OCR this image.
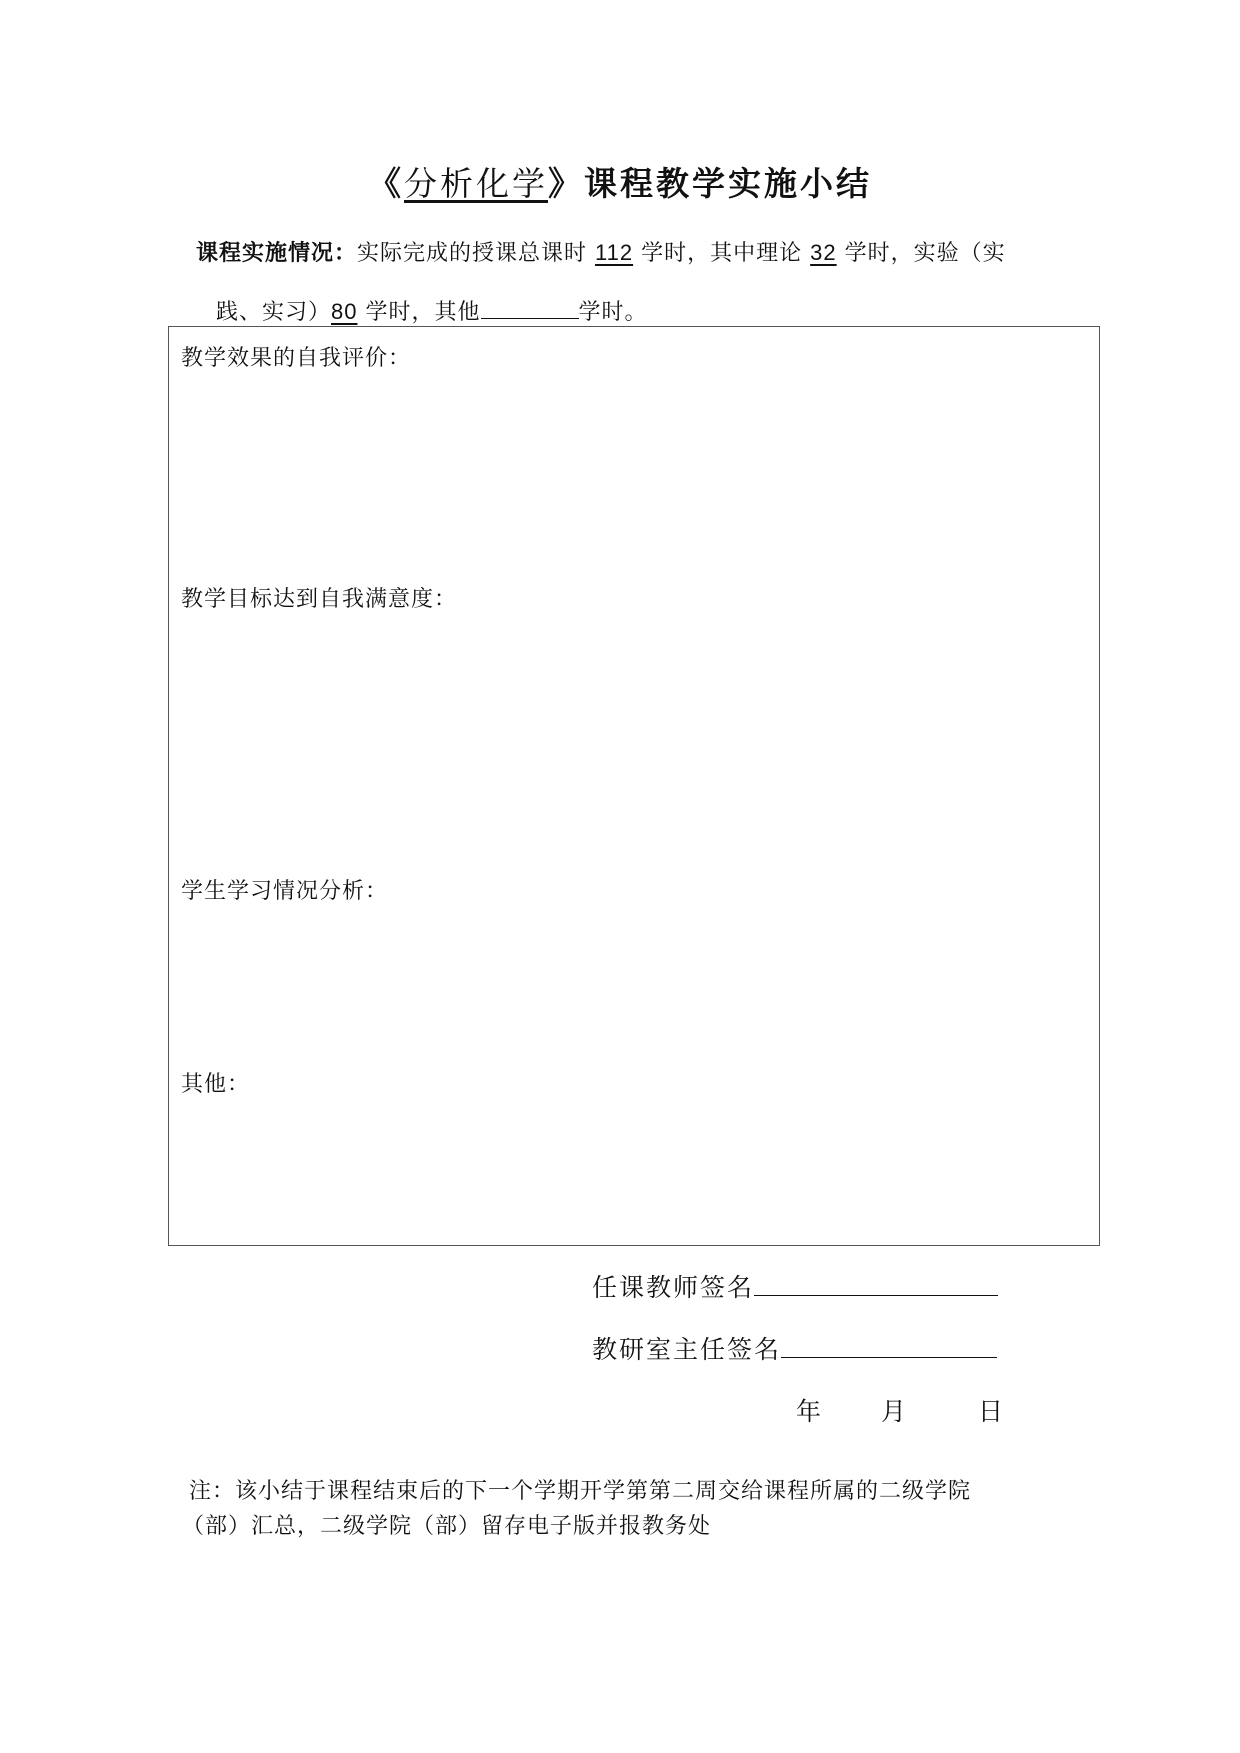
《分析化学》课程教学实施小结
课程实施情况：实际完成的授课总课时 112 学时，其中理论 32 学时，实验（实
践、实习）80 学时，其他	学时。
教学效果的自我评价：
教学目标达到自我满意度：
学生学习情况分析：
其他：
任课教师签名
教研室主任签名
年 月	日
注：该小结于课程结束后的下一个学期开学第第二周交给课程所属的二级学院
（部）汇总，二级学院（部）留存电子版并报教务处
